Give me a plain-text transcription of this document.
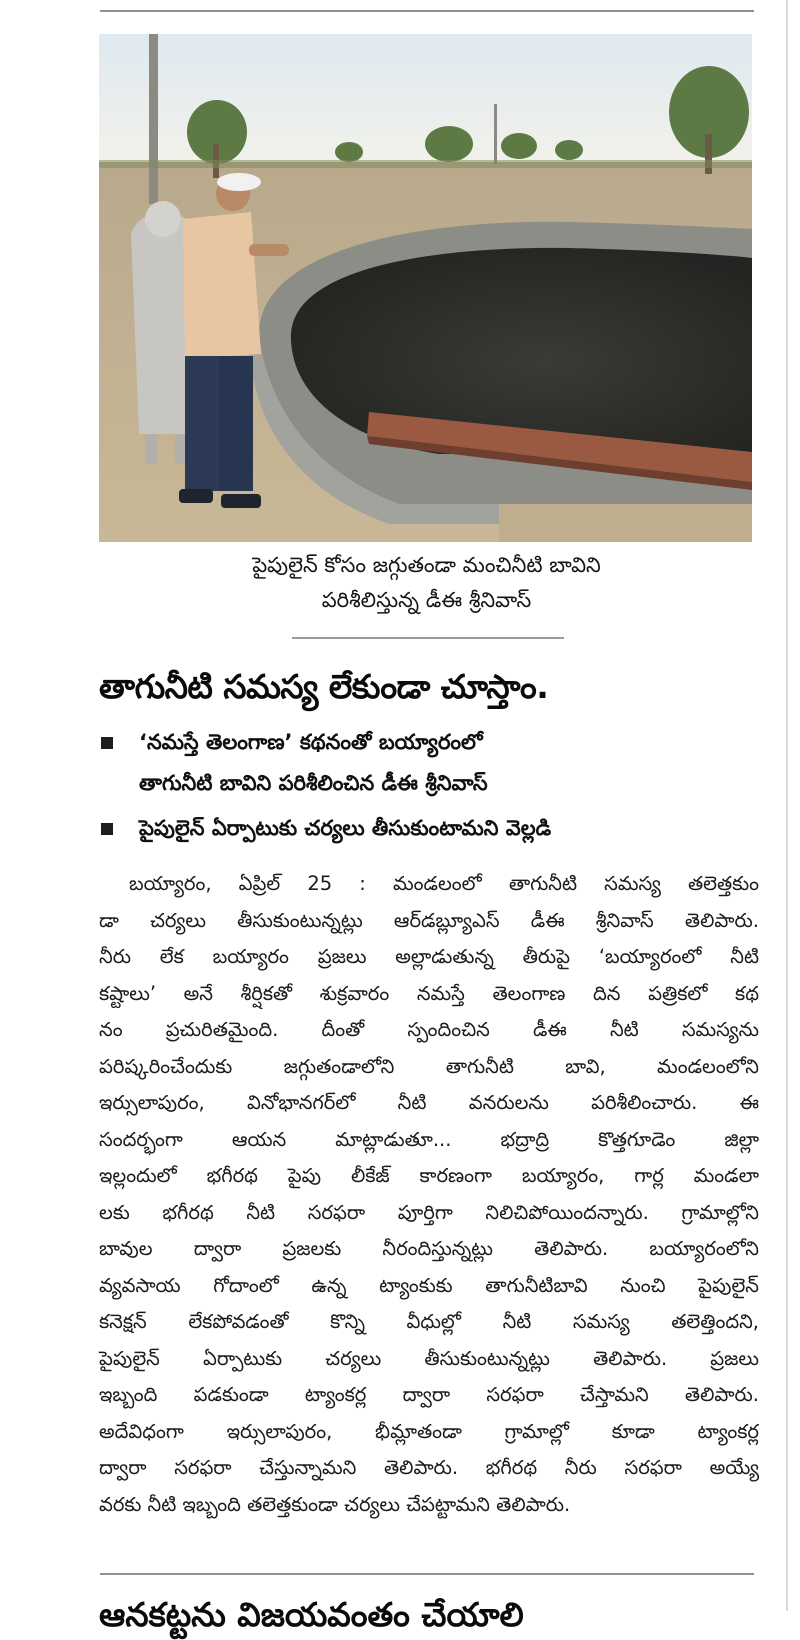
పైపులైన్‌ కోసం జగ్గుతండా మంచినీటి బావిని

పరిశీలిస్తున్న డీఈ శ్రీనివాస్‌

తాగునీటి సమస్య లేకుండా చూస్తాం.
‘నమస్తే తెలంగాణ’ కథనంతో బయ్యారంలో
తాగునీటి బావిని పరిశీలించిన డీఈ శ్రీనివాస్‌
పైపులైన్‌ ఏర్పాటుకు చర్యలు తీసుకుంటామని వెల్లడి
బయ్యారం, ఏప్రిల్‌ 25 : మండలంలో తాగునీటి సమస్య తలెత్తకుం
డా చర్యలు తీసుకుంటున్నట్లు ఆర్‌డబ్ల్యూఎస్‌ డీఈ శ్రీనివాస్‌ తెలిపారు.
నీరు లేక బయ్యారం ప్రజలు అల్లాడుతున్న తీరుపై ‘బయ్యారంలో నీటి
కష్టాలు’ అనే శీర్షికతో శుక్రవారం నమస్తే తెలంగాణ దిన పత్రికలో కథ
నం ప్రచురితమైంది. దీంతో స్పందించిన డీఈ నీటి సమస్యను
పరిష్కరించేందుకు జగ్గుతండాలోని తాగునీటి బావి, మండలంలోని
ఇర్సులాపురం, వినోభానగర్‌లో నీటి వనరులను పరిశీలించారు. ఈ
సందర్భంగా ఆయన మాట్లాడుతూ... భద్రాద్రి కొత్తగూడెం జిల్లా
ఇల్లందులో భగీరథ పైపు లీకేజ్‌ కారణంగా బయ్యారం, గార్ల మండలా
లకు భగీరథ నీటి సరఫరా పూర్తిగా నిలిచిపోయిందన్నారు. గ్రామాల్లోని
బావుల ద్వారా ప్రజలకు నీరందిస్తున్నట్లు తెలిపారు. బయ్యారంలోని
వ్యవసాయ గోదాంలో ఉన్న ట్యాంకుకు తాగునీటిబావి నుంచి పైపులైన్‌
కనెక్షన్‌ లేకపోవడంతో కొన్ని వీధుల్లో నీటి సమస్య తలెత్తిందని,
పైపులైన్‌ ఏర్పాటుకు చర్యలు తీసుకుంటున్నట్లు తెలిపారు. ప్రజలు
ఇబ్బంది పడకుండా ట్యాంకర్ల ద్వారా సరఫరా చేస్తామని తెలిపారు.
అదేవిధంగా ఇర్సులాపురం, భీమ్లాతండా గ్రామాల్లో కూడా ట్యాంకర్ల
ద్వారా సరఫరా చేస్తున్నామని తెలిపారు. భగీరథ నీరు సరఫరా అయ్యే
వరకు నీటి ఇబ్బంది తలెత్తకుండా చర్యలు చేపట్టామని తెలిపారు.
ఆనకట్టను విజయవంతం చేయాలి
